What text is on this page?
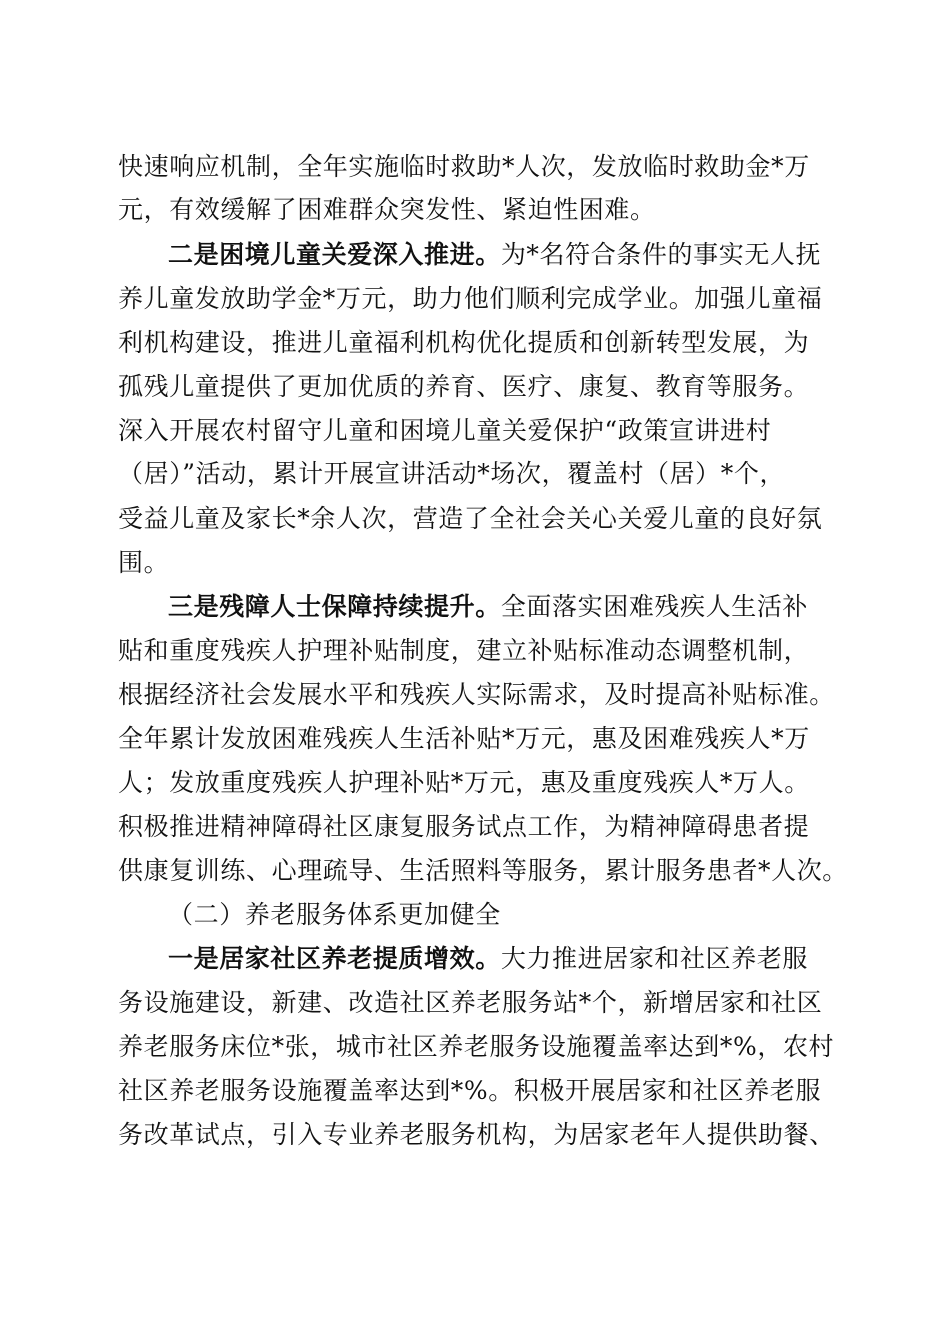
快速响应机制，全年实施临时救助*人次，发放临时救助金*万

元，有效缓解了困难群众突发性、紧迫性困难。

二是困境儿童关爱深入推进。为*名符合条件的事实无人抚

养儿童发放助学金*万元，助力他们顺利完成学业。加强儿童福

利机构建设，推进儿童福利机构优化提质和创新转型发展，为

孤残儿童提供了更加优质的养育、医疗、康复、教育等服务。

深入开展农村留守儿童和困境儿童关爱保护“政策宣讲进村

（居）”活动，累计开展宣讲活动*场次，覆盖村（居）*个，

受益儿童及家长*余人次，营造了全社会关心关爱儿童的良好氛

围。

三是残障人士保障持续提升。全面落实困难残疾人生活补

贴和重度残疾人护理补贴制度，建立补贴标准动态调整机制，

根据经济社会发展水平和残疾人实际需求，及时提高补贴标准。

全年累计发放困难残疾人生活补贴*万元，惠及困难残疾人*万

人；发放重度残疾人护理补贴*万元，惠及重度残疾人*万人。

积极推进精神障碍社区康复服务试点工作，为精神障碍患者提

供康复训练、心理疏导、生活照料等服务，累计服务患者*人次。

（二）养老服务体系更加健全

一是居家社区养老提质增效。大力推进居家和社区养老服

务设施建设，新建、改造社区养老服务站*个，新增居家和社区

养老服务床位*张，城市社区养老服务设施覆盖率达到*%，农村

社区养老服务设施覆盖率达到*%。积极开展居家和社区养老服

务改革试点，引入专业养老服务机构，为居家老年人提供助餐、
